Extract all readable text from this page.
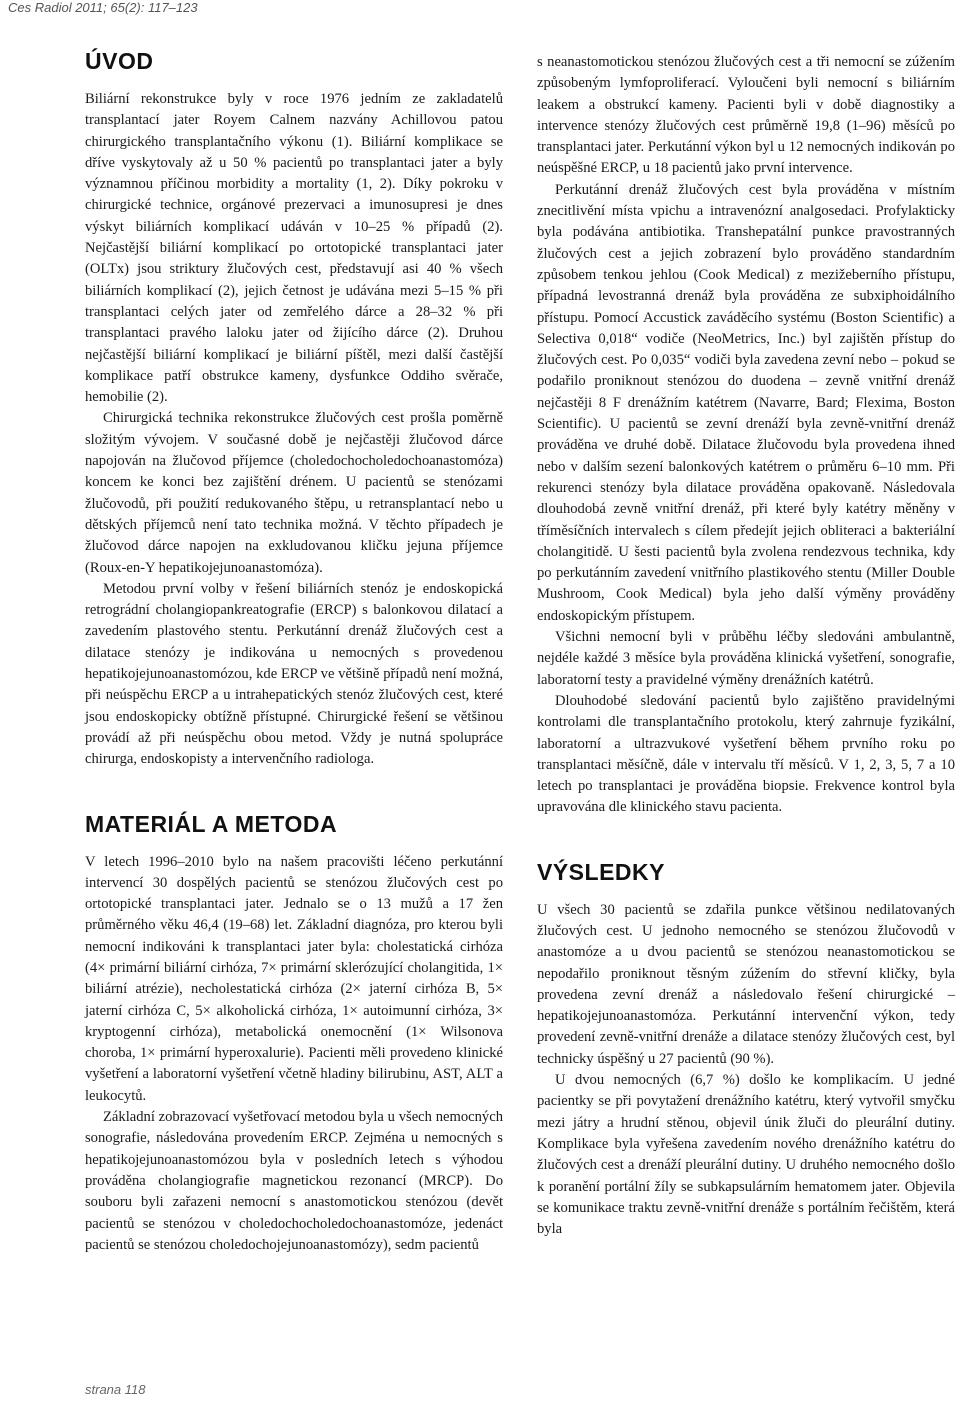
Ces Radiol 2011; 65(2): 117–123
ÚVOD

Biliární rekonstrukce byly v roce 1976 jedním ze zakladatelů transplantací jater Royem Calnem nazvány Achillovou patou chirurgického transplantačního výkonu (1). Biliární komplikace se dříve vyskytovaly až u 50 % pacientů po transplantaci jater a byly významnou příčinou morbidity a mortality (1, 2). Díky pokroku v chirurgické technice, orgánové prezervaci a imunosupresi je dnes výskyt biliárních komplikací udáván v 10–25 % případů (2). Nejčastější biliární komplikací po ortotopické transplantaci jater (OLTx) jsou striktury žlučových cest, představují asi 40 % všech biliárních komplikací (2), jejich četnost je udávána mezi 5–15 % při transplantaci celých jater od zemřelého dárce a 28–32 % při transplantaci pravého laloku jater od žijícího dárce (2). Druhou nejčastější biliární komplikací je biliární píštěl, mezi další častější komplikace patří obstrukce kameny, dysfunkce Oddiho svěrače, hemobilie (2).

Chirurgická technika rekonstrukce žlučových cest prošla poměrně složitým vývojem. V současné době je nejčastěji žlučovod dárce napojován na žlučovod příjemce (choledochocholedochoanastomóza) koncem ke konci bez zajištění drénem. U pacientů se stenózami žlučovodů, při použití redukovaného štěpu, u retransplantací nebo u dětských příjemců není tato technika možná. V těchto případech je žlučovod dárce napojen na exkludovanou kličku jejuna příjemce (Roux-en-Y hepatikojejunoanastomóza).

Metodou první volby v řešení biliárních stenóz je endoskopická retrográdní cholangiopankreatografie (ERCP) s balonkovou dilatací a zavedením plastového stentu. Perkutánní drenáž žlučových cest a dilatace stenózy je indikována u nemocných s provedenou hepatikojejunoanastomózou, kde ERCP ve většině případů není možná, při neúspěchu ERCP a u intrahepatických stenóz žlučových cest, které jsou endoskopicky obtížně přístupné. Chirurgické řešení se většinou provádí až při neúspěchu obou metod. Vždy je nutná spolupráce chirurga, endoskopisty a intervenčního radiologa.

MATERIÁL A METODA

V letech 1996–2010 bylo na našem pracovišti léčeno perkutánní intervencí 30 dospělých pacientů se stenózou žlučových cest po ortotopické transplantaci jater. Jednalo se o 13 mužů a 17 žen průměrného věku 46,4 (19–68) let. Základní diagnóza, pro kterou byli nemocní indikováni k transplantaci jater byla: cholestatická cirhóza (4× primární biliární cirhóza, 7× primární sklerózující cholangitida, 1× biliární atrézie), necholestatická cirhóza (2× jaterní cirhóza B, 5× jaterní cirhóza C, 5× alkoholická cirhóza, 1× autoimunní cirhóza, 3× kryptogenní cirhóza), metabolická onemocnění (1× Wilsonova choroba, 1× primární hyperoxalurie). Pacienti měli provedeno klinické vyšetření a laboratorní vyšetření včetně hladiny bilirubinu, AST, ALT a leukocytů.

Základní zobrazovací vyšetřovací metodou byla u všech nemocných sonografie, následována provedením ERCP. Zejména u nemocných s hepatikojejunoanastomózou byla v posledních letech s výhodou prováděna cholangiografie magnetickou rezonancí (MRCP). Do souboru byli zařazeni nemocní s anastomotickou stenózou (devět pacientů se stenózou v choledochocholedochoanastomóze, jedenáct pacientů se stenózou choledochojejunoanastomózy), sedm pacientů

s neanastomotickou stenózou žlučových cest a tři nemocní se zúžením způsobeným lymfoproliferací. Vyloučeni byli nemocní s biliárním leakem a obstrukcí kameny. Pacienti byli v době diagnostiky a intervence stenózy žlučových cest průměrně 19,8 (1–96) měsíců po transplantaci jater. Perkutánní výkon byl u 12 nemocných indikován po neúspěšné ERCP, u 18 pacientů jako první intervence.

Perkutánní drenáž žlučových cest byla prováděna v místním znecitlivění místa vpichu a intravenózní analgosedaci. Profylakticky byla podávána antibiotika. Transhepatální punkce pravostranných žlučových cest a jejich zobrazení bylo prováděno standardním způsobem tenkou jehlou (Cook Medical) z mezižeberního přístupu, případná levostranná drenáž byla prováděna ze subxiphoidálního přístupu. Pomocí Accustick zaváděcího systému (Boston Scientific) a Selectiva 0,018“ vodiče (NeoMetrics, Inc.) byl zajištěn přístup do žlučových cest. Po 0,035“ vodiči byla zavedena zevní nebo – pokud se podařilo proniknout stenózou do duodena – zevně vnitřní drenáž nejčastěji 8 F drenážním katétrem (Navarre, Bard; Flexima, Boston Scientific). U pacientů se zevní drenáží byla zevně-vnitřní drenáž prováděna ve druhé době. Dilatace žlučovodu byla provedena ihned nebo v dalším sezení balonkových katétrem o průměru 6–10 mm. Při rekurenci stenózy byla dilatace prováděna opakovaně. Následovala dlouhodobá zevně vnitřní drenáž, při které byly katétry měněny v tříměsíčních intervalech s cílem předejít jejich obliteraci a bakteriální cholangitidě. U šesti pacientů byla zvolena rendezvous technika, kdy po perkutánním zavedení vnitřního plastikového stentu (Miller Double Mushroom, Cook Medical) byla jeho další výměny prováděny endoskopickým přístupem.

Všichni nemocní byli v průběhu léčby sledováni ambulantně, nejdéle každé 3 měsíce byla prováděna klinická vyšetření, sonografie, laboratorní testy a pravidelné výměny drenážních katétrů.

Dlouhodobé sledování pacientů bylo zajištěno pravidelnými kontrolami dle transplantačního protokolu, který zahrnuje fyzikální, laboratorní a ultrazvukové vyšetření během prvního roku po transplantaci měsíčně, dále v intervalu tří měsíců. V 1, 2, 3, 5, 7 a 10 letech po transplantaci je prováděna biopsie. Frekvence kontrol byla upravována dle klinického stavu pacienta.

VÝSLEDKY

U všech 30 pacientů se zdařila punkce většinou nedilatovaných žlučových cest. U jednoho nemocného se stenózou žlučovodů v anastomóze a u dvou pacientů se stenózou neanastomotickou se nepodařilo proniknout těsným zúžením do střevní kličky, byla provedena zevní drenáž a následovalo řešení chirurgické – hepatikojejunoanastomóza. Perkutánní intervenční výkon, tedy provedení zevně-vnitřní drenáže a dilatace stenózy žlučových cest, byl technicky úspěšný u 27 pacientů (90 %).

U dvou nemocných (6,7 %) došlo ke komplikacím. U jedné pacientky se při povytažení drenážního katétru, který vytvořil smyčku mezi játry a hrudní stěnou, objevil únik žluči do pleurální dutiny. Komplikace byla vyřešena zavedením nového drenážního katétru do žlučových cest a drenáží pleurální dutiny. U druhého nemocného došlo k poranění portální žíly se subkapsulárním hematomem jater. Objevila se komunikace traktu zevně-vnitřní drenáže s portálním řečištěm, která byla

strana 118
